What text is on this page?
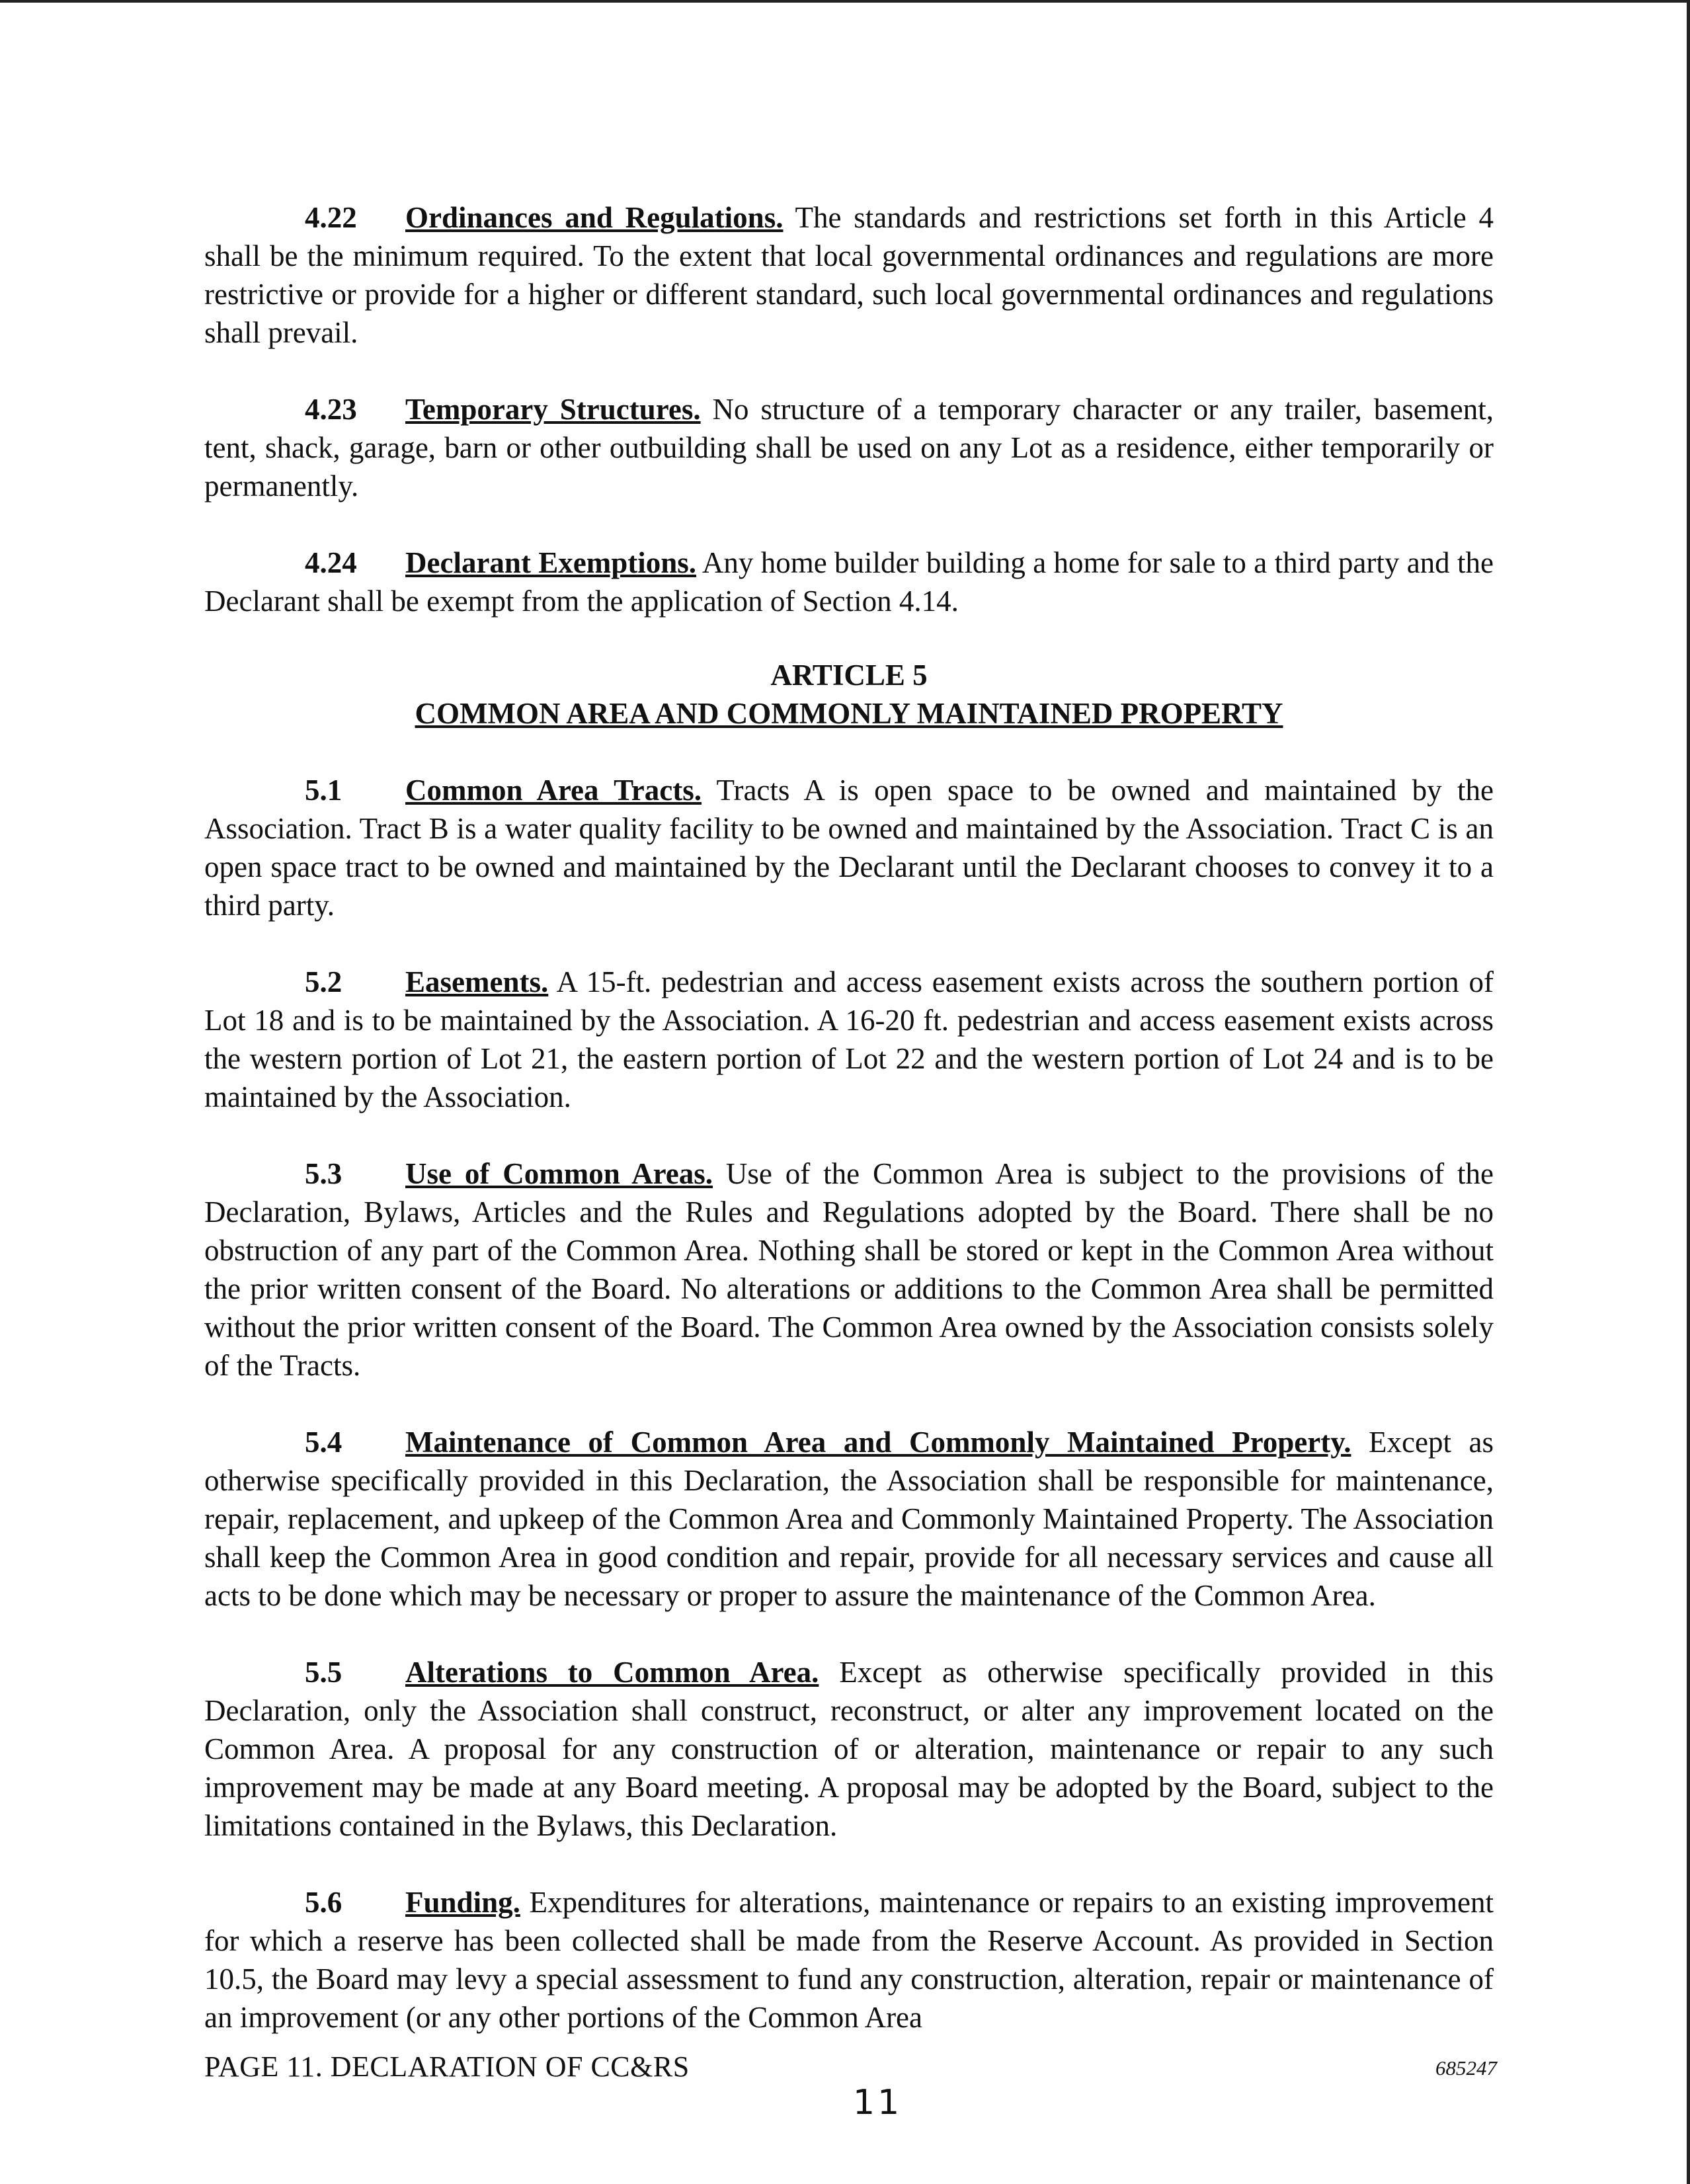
4.22 Ordinances and Regulations. The standards and restrictions set forth in this Article 4 shall be the minimum required. To the extent that local governmental ordinances and regulations are more restrictive or provide for a higher or different standard, such local governmental ordinances and regulations shall prevail.

4.23 Temporary Structures. No structure of a temporary character or any trailer, basement, tent, shack, garage, barn or other outbuilding shall be used on any Lot as a residence, either temporarily or permanently.

4.24 Declarant Exemptions. Any home builder building a home for sale to a third party and the Declarant shall be exempt from the application of Section 4.14.

ARTICLE 5
COMMON AREA AND COMMONLY MAINTAINED PROPERTY

5.1 Common Area Tracts. Tracts A is open space to be owned and maintained by the Association. Tract B is a water quality facility to be owned and maintained by the Association. Tract C is an open space tract to be owned and maintained by the Declarant until the Declarant chooses to convey it to a third party.

5.2 Easements. A 15-ft. pedestrian and access easement exists across the southern portion of Lot 18 and is to be maintained by the Association. A 16-20 ft. pedestrian and access easement exists across the western portion of Lot 21, the eastern portion of Lot 22 and the western portion of Lot 24 and is to be maintained by the Association.

5.3 Use of Common Areas. Use of the Common Area is subject to the provisions of the Declaration, Bylaws, Articles and the Rules and Regulations adopted by the Board. There shall be no obstruction of any part of the Common Area. Nothing shall be stored or kept in the Common Area without the prior written consent of the Board. No alterations or additions to the Common Area shall be permitted without the prior written consent of the Board. The Common Area owned by the Association consists solely of the Tracts.

5.4 Maintenance of Common Area and Commonly Maintained Property. Except as otherwise specifically provided in this Declaration, the Association shall be responsible for maintenance, repair, replacement, and upkeep of the Common Area and Commonly Maintained Property. The Association shall keep the Common Area in good condition and repair, provide for all necessary services and cause all acts to be done which may be necessary or proper to assure the maintenance of the Common Area.

5.5 Alterations to Common Area. Except as otherwise specifically provided in this Declaration, only the Association shall construct, reconstruct, or alter any improvement located on the Common Area. A proposal for any construction of or alteration, maintenance or repair to any such improvement may be made at any Board meeting. A proposal may be adopted by the Board, subject to the limitations contained in the Bylaws, this Declaration.

5.6 Funding. Expenditures for alterations, maintenance or repairs to an existing improvement for which a reserve has been collected shall be made from the Reserve Account. As provided in Section 10.5, the Board may levy a special assessment to fund any construction, alteration, repair or maintenance of an improvement (or any other portions of the Common Area

PAGE 11. DECLARATION OF CC&RS	685247
11
